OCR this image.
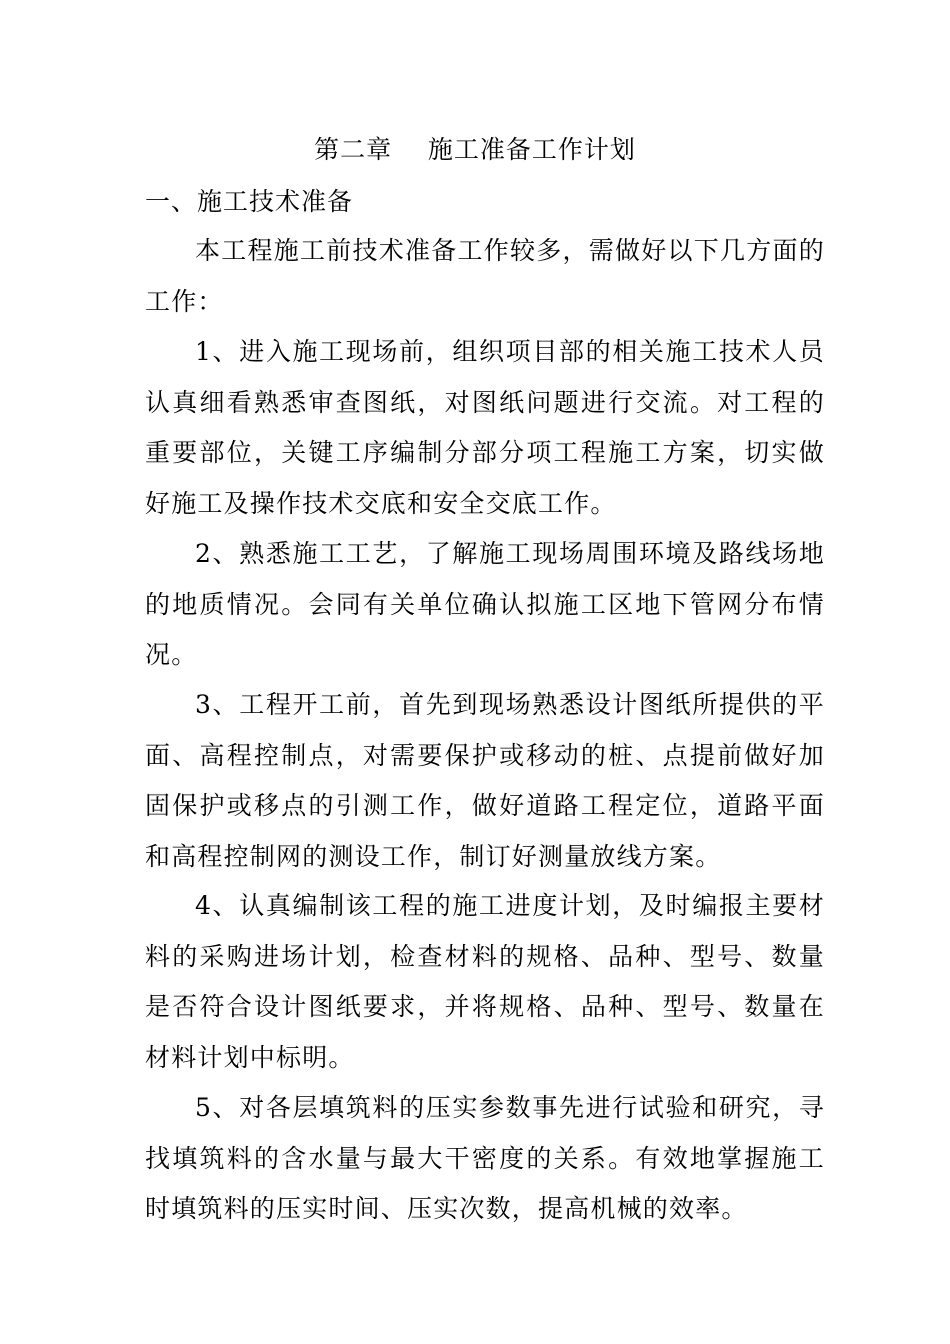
第二章    施工准备工作计划
一、施工技术准备

本工程施工前技术准备工作较多，需做好以下几方面的工作：

1、进入施工现场前，组织项目部的相关施工技术人员认真细看熟悉审查图纸，对图纸问题进行交流。对工程的重要部位，关键工序编制分部分项工程施工方案，切实做好施工及操作技术交底和安全交底工作。

2、熟悉施工工艺，了解施工现场周围环境及路线场地的地质情况。会同有关单位确认拟施工区地下管网分布情况。

3、工程开工前，首先到现场熟悉设计图纸所提供的平面、高程控制点，对需要保护或移动的桩、点提前做好加固保护或移点的引测工作，做好道路工程定位，道路平面和高程控制网的测设工作，制订好测量放线方案。

4、认真编制该工程的施工进度计划，及时编报主要材料的采购进场计划，检查材料的规格、品种、型号、数量是否符合设计图纸要求，并将规格、品种、型号、数量在材料计划中标明。

5、对各层填筑料的压实参数事先进行试验和研究，寻找填筑料的含水量与最大干密度的关系。有效地掌握施工时填筑料的压实时间、压实次数，提高机械的效率。
